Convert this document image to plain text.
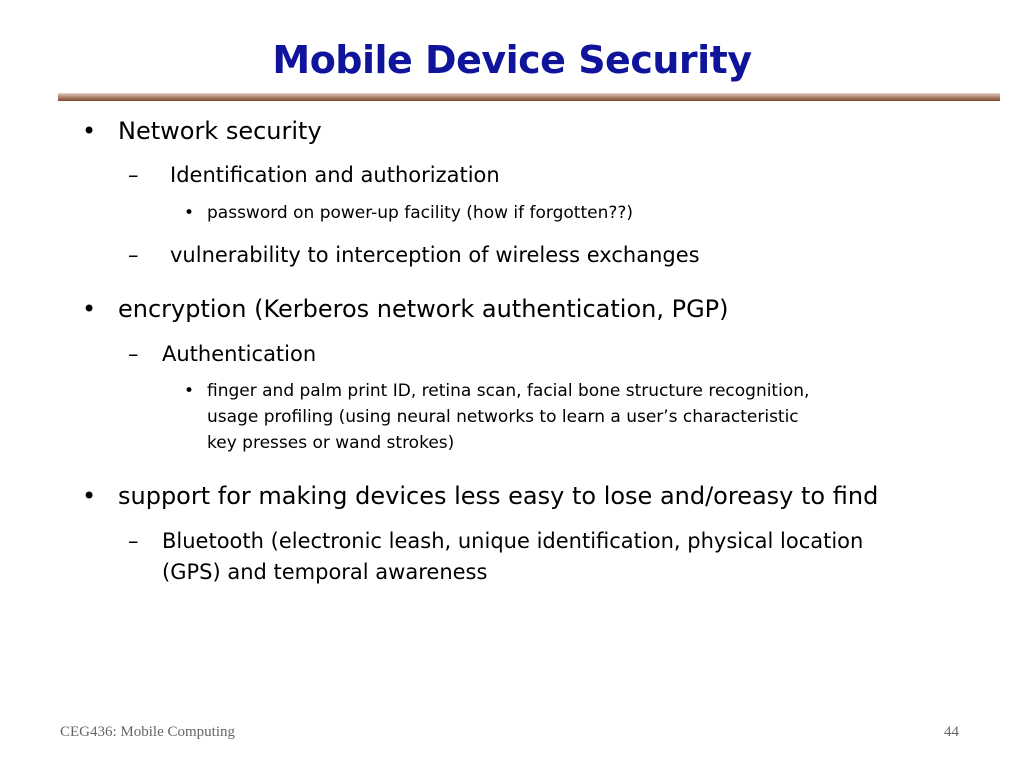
Mobile Device Security
• Network security
– Identification and authorization
• password on power-up facility (how if forgotten??)
– vulnerability to interception of wireless exchanges
• encryption (Kerberos network authentication, PGP)
– Authentication
• finger and palm print ID, retina scan, facial bone structure recognition,
usage profiling (using neural networks to learn a user’s characteristic
key presses or wand strokes)
• support for making devices less easy to lose and/oreasy to find
– Bluetooth (electronic leash, unique identification, physical location
(GPS) and temporal awareness
CEG436: Mobile Computing	44
